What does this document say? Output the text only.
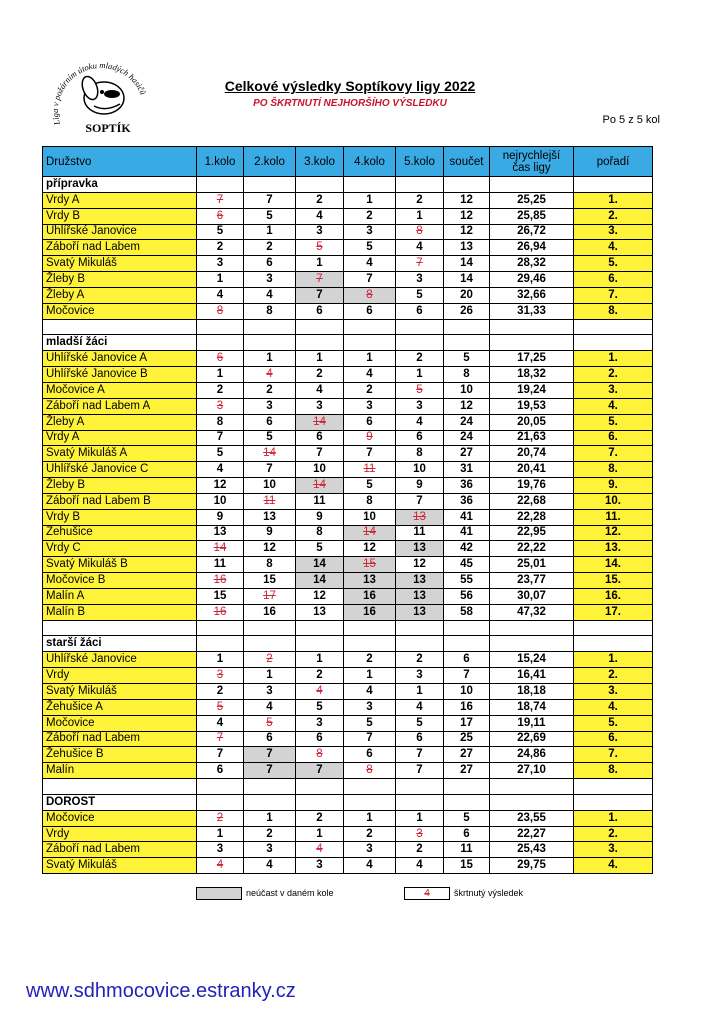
Liga v požárním útoku mladých hasičů
SOPTÍK
Celkové výsledky Soptíkovy ligy 2022
PO ŠKRTNUTÍ NEJHORŠÍHO VÝSLEDKU
Po 5 z 5 kol
Družstvo	1.kolo	2.kolo	3.kolo	4.kolo	5.kolo	součet	nejrychlejší čas ligy	pořadí
přípravka								
Vrdy A	7	7	2	1	2	12	25,25	1.
Vrdy B	6	5	4	2	1	12	25,85	2.
Uhlířské Janovice	5	1	3	3	8	12	26,72	3.
Záboří nad Labem	2	2	5	5	4	13	26,94	4.
Svatý Mikuláš	3	6	1	4	7	14	28,32	5.
Žleby B	1	3	7	7	3	14	29,46	6.
Žleby A	4	4	7	8	5	20	32,66	7.
Močovice	8	8	6	6	6	26	31,33	8.

mladší žáci								
Uhlířské Janovice A	6	1	1	1	2	5	17,25	1.
Uhlířské Janovice B	1	4	2	4	1	8	18,32	2.
Močovice A	2	2	4	2	5	10	19,24	3.
Záboří nad Labem A	3	3	3	3	3	12	19,53	4.
Žleby A	8	6	14	6	4	24	20,05	5.
Vrdy A	7	5	6	9	6	24	21,63	6.
Svatý Mikuláš A	5	14	7	7	8	27	20,74	7.
Uhlířské Janovice C	4	7	10	11	10	31	20,41	8.
Žleby B	12	10	14	5	9	36	19,76	9.
Záboří nad Labem B	10	11	11	8	7	36	22,68	10.
Vrdy B	9	13	9	10	13	41	22,28	11.
Žehušice	13	9	8	14	11	41	22,95	12.
Vrdy C	14	12	5	12	13	42	22,22	13.
Svatý Mikuláš B	11	8	14	15	12	45	25,01	14.
Močovice B	16	15	14	13	13	55	23,77	15.
Malín A	15	17	12	16	13	56	30,07	16.
Malín B	16	16	13	16	13	58	47,32	17.

starší žáci								
Uhlířské Janovice	1	2	1	2	2	6	15,24	1.
Vrdy	3	1	2	1	3	7	16,41	2.
Svatý Mikuláš	2	3	4	4	1	10	18,18	3.
Žehušice A	5	4	5	3	4	16	18,74	4.
Močovice	4	5	3	5	5	17	19,11	5.
Záboří nad Labem	7	6	6	7	6	25	22,69	6.
Žehušice B	7	7	8	6	7	27	24,86	7.
Malín	6	7	7	8	7	27	27,10	8.

DOROST								
Močovice	2	1	2	1	1	5	23,55	1.
Vrdy	1	2	1	2	3	6	22,27	2.
Záboří nad Labem	3	3	4	3	2	11	25,43	3.
Svatý Mikuláš	4	4	3	4	4	15	29,75	4.
neúčast v daném kole	4	škrtnutý výsledek
www.sdhmocovice.estranky.cz
